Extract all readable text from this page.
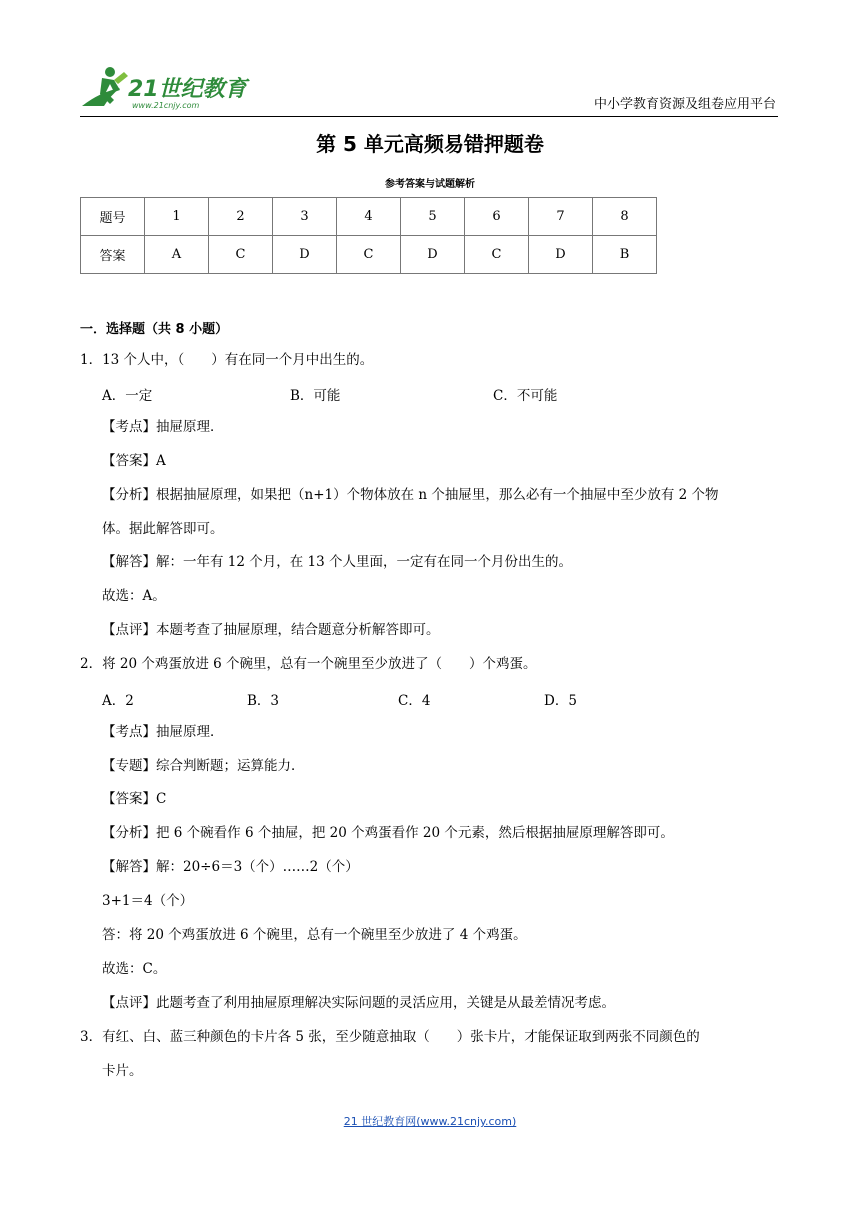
21世纪教育
www.21cnjy.com	中小学教育资源及组卷应用平台
第 5 单元高频易错押题卷
参考答案与试题解析
题号	1	2	3	4	5	6	7	8
答案	A	C	D	C	D	C	D	B
一．选择题（共 8 小题）
1．13 个人中，（　　）有在同一个月中出生的。
A．一定	B．可能	C．不可能
【考点】抽屉原理．
【答案】A
【分析】根据抽屉原理，如果把（n+1）个物体放在 n 个抽屉里，那么必有一个抽屉中至少放有 2 个物
体。据此解答即可。
【解答】解：一年有 12 个月，在 13 个人里面，一定有在同一个月份出生的。
故选：A。
【点评】本题考查了抽屉原理，结合题意分析解答即可。
2．将 20 个鸡蛋放进 6 个碗里，总有一个碗里至少放进了（　　）个鸡蛋。
A．2	B．3	C．4	D．5
【考点】抽屉原理．
【专题】综合判断题；运算能力．
【答案】C
【分析】把 6 个碗看作 6 个抽屉，把 20 个鸡蛋看作 20 个元素，然后根据抽屉原理解答即可。
【解答】解：20÷6＝3（个）……2（个）
3+1＝4（个）
答：将 20 个鸡蛋放进 6 个碗里，总有一个碗里至少放进了 4 个鸡蛋。
故选：C。
【点评】此题考查了利用抽屉原理解决实际问题的灵活应用，关键是从最差情况考虑。
3．有红、白、蓝三种颜色的卡片各 5 张，至少随意抽取（　　）张卡片，才能保证取到两张不同颜色的
卡片。
21 世纪教育网(www.21cnjy.com)
